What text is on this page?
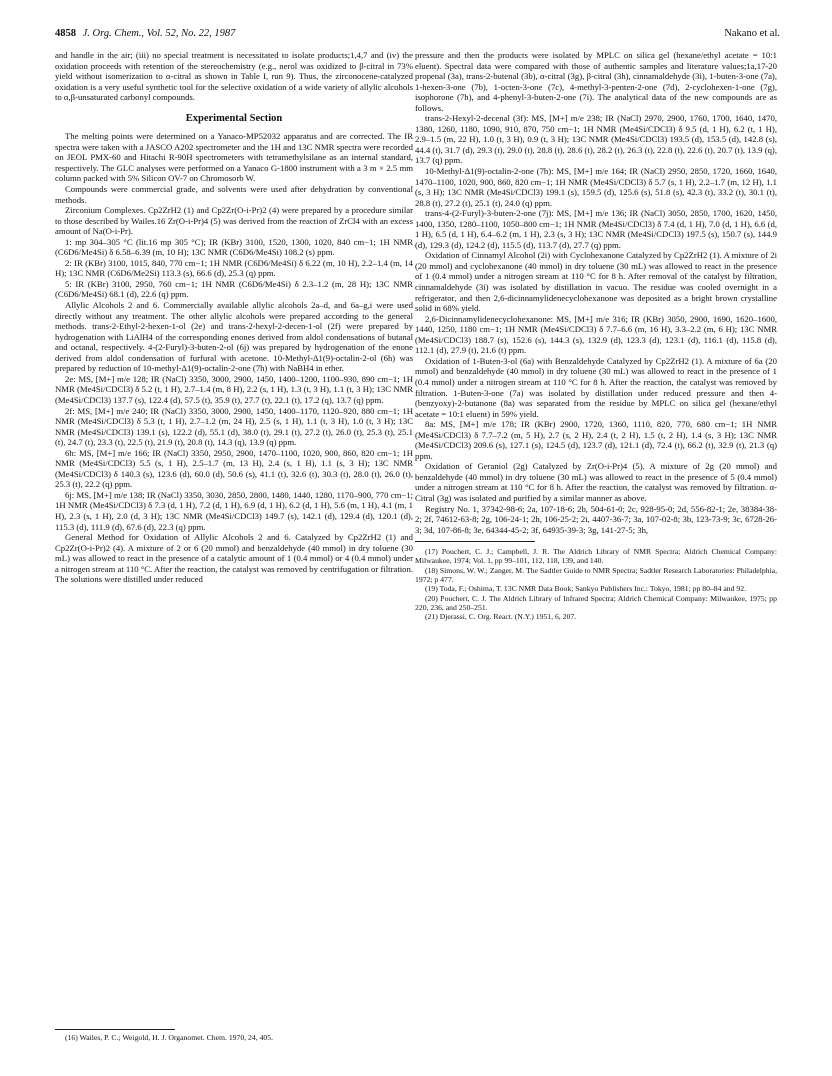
4858 J. Org. Chem., Vol. 52, No. 22, 1987	Nakano et al.

and handle in the air; (iii) no special treatment is necessitated to isolate products;1,4,7 and (iv) the oxidation proceeds with retention of the stereochemistry (e.g., nerol was oxidized to β-citral in 73% yield without isomerization to α-citral as shown in Table I, run 9). Thus, the zirconocene-catalyzed oxidation is a very useful synthetic tool for the selective oxidation of a wide variety of allylic alcohols to α,β-unsaturated carbonyl compounds.

Experimental Section

The melting points were determined on a Yanaco-MP52032 apparatus and are corrected. The IR spectra were taken with a JASCO A202 spectrometer and the 1H and 13C NMR spectra were recorded on JEOL PMX-60 and Hitachi R-90H spectrometers with tetramethylsilane as an internal standard, respectively. The GLC analyses were performed on a Yanaco G-1800 instrument with a 3 m × 2.5 mm column packed with 5% Silicon OV-7 on Chromosorb W.

Compounds were commercial grade, and solvents were used after dehydration by conventional methods.

Zirconium Complexes. Cp2ZrH2 (1) and Cp2Zr(O-i-Pr)2 (4) were prepared by a procedure similar to those described by Wailes.16 Zr(O-i-Pr)4 (5) was derived from the reaction of ZrCl4 with an excess amount of Na(O-i-Pr).

1: mp 304–305 °C (lit.16 mp 305 °C); IR (KBr) 3100, 1520, 1300, 1020, 840 cm−1; 1H NMR (C6D6/Me4Si) δ 6.58–6.39 (m, 10 H); 13C NMR (C6D6/Me4Si) 108.2 (s) ppm.

2: IR (KBr) 3100, 1015, 840, 770 cm−1; 1H NMR (C6D6/Me4Si) δ 6.22 (m, 10 H), 2.2–1.4 (m, 14 H); 13C NMR (C6D6/Me2Si) 113.3 (s), 66.6 (d), 25.3 (q) ppm.

5: IR (KBr) 3100, 2950, 760 cm−1; 1H NMR (C6D6/Me4Si) δ 2.3–1.2 (m, 28 H); 13C NMR (C6D6/Me4Si) 68.1 (d), 22.6 (q) ppm.

Allylic Alcohols 2 and 6. Commercially available allylic alcohols 2a–d, and 6a–g,i were used directly without any treatment. The other allylic alcohols were prepared according to the general methods. trans-2-Ethyl-2-hexen-1-ol (2e) and trans-2-hexyl-2-decen-1-ol (2f) were prepared by hydrogenation with LiAlH4 of the corresponding enones derived from aldol condensations of butanal and octanal, respectively. 4-(2-Furyl)-3-buten-2-ol (6j) was prepared by hydrogenation of the enone derived from aldol condensation of furfural with acetone. 10-Methyl-Δ1(9)-octalin-2-ol (6h) was prepared by reduction of 10-methyl-Δ1(9)-octalin-2-one (7h) with NaBH4 in ether.

2e: MS, [M+] m/e 128; IR (NaCl) 3350, 3000, 2900, 1450, 1400–1200, 1100–930, 890 cm−1; 1H NMR (Me4Si/CDCl3) δ 5.2 (t, 1 H), 2.7–1.4 (m, 8 H), 2.2 (s, 1 H), 1.3 (t, 3 H), 1.1 (t, 3 H); 13C NMR (Me4Si/CDCl3) 137.7 (s), 122.4 (d), 57.5 (t), 35.9 (t), 27.7 (t), 22.1 (t), 17.2 (q), 13.7 (q) ppm.

2f: MS, [M+] m/e 240; IR (NaCl) 3350, 3000, 2900, 1450, 1400–1170, 1120–920, 880 cm−1; 1H NMR (Me4Si/CDCl3) δ 5.3 (t, 1 H), 2.7–1.2 (m, 24 H), 2.5 (s, 1 H), 1.1 (t, 3 H), 1.0 (t, 3 H); 13C NMR (Me4Si/CDCl3) 139.1 (s), 122.2 (d), 55.1 (d), 38.0 (t), 29.1 (t), 27.2 (t), 26.0 (t), 25.3 (t), 25.1 (t), 24.7 (t), 23.3 (t), 22.5 (t), 21.9 (t), 20.8 (t), 14.3 (q), 13.9 (q) ppm.

6h: MS, [M+] m/e 166; IR (NaCl) 3350, 2950, 2900, 1470–1100, 1020, 900, 860, 820 cm−1; 1H NMR (Me4Si/CDCl3) 5.5 (s, 1 H), 2.5–1.7 (m, 13 H), 2.4 (s, 1 H), 1.1 (s, 3 H); 13C NMR (Me4Si/CDCl3) δ 140.3 (s), 123.6 (d), 60.0 (d), 50.6 (s), 41.1 (t), 32.6 (t), 30.3 (t), 28.0 (t), 26.0 (t), 25.3 (t), 22.2 (q) ppm.

6j: MS, [M+] m/e 138; IR (NaCl) 3350, 3030, 2850, 2800, 1480, 1440, 1280, 1170–900, 770 cm−1; 1H NMR (Me4Si/CDCl3) δ 7.3 (d, 1 H), 7.2 (d, 1 H), 6.9 (d, 1 H), 6.2 (d, 1 H), 5.6 (m, 1 H), 4.1 (m, 1 H), 2.3 (s, 1 H), 2.0 (d, 3 H); 13C NMR (Me4Si/CDCl3) 149.7 (s), 142.1 (d), 129.4 (d), 120.1 (d), 115.3 (d), 111.9 (d), 67.6 (d), 22.3 (q) ppm.

General Method for Oxidation of Allylic Alcohols 2 and 6. Catalyzed by Cp2ZrH2 (1) and Cp2Zr(O-i-Pr)2 (4). A mixture of 2 or 6 (20 mmol) and benzaldehyde (40 mmol) in dry toluene (30 mL) was allowed to react in the presence of a catalytic amount of 1 (0.4 mmol) or 4 (0.4 mmol) under a nitrogen stream at 110 °C. After the reaction, the catalyst was removed by centrifugation or filtration. The solutions were distilled under reduced

(16) Wailes, P. C.; Weigold, H. J. Organomet. Chem. 1970, 24, 405.

pressure and then the products were isolated by MPLC on silica gel (hexane/ethyl acetate = 10:1 eluent). Spectral data were compared with those of authentic samples and literature values;1a,17-20 propenal (3a), trans-2-butenal (3b), α-citral (3g), β-citral (3h), cinnamaldehyde (3i), 1-buten-3-one (7a), 1-hexen-3-one (7b), 1-octen-3-one (7c), 4-methyl-3-penten-2-one (7d), 2-cyclohexen-1-one (7g), isophorone (7h), and 4-phenyl-3-buten-2-one (7i). The analytical data of the new compounds are as follows.

trans-2-Hexyl-2-decenal (3f): MS, [M+] m/e 238; IR (NaCl) 2970, 2900, 1760, 1700, 1640, 1470, 1380, 1260, 1180, 1090, 910, 870, 750 cm−1; 1H NMR (Me4Si/CDCl3) δ 9.5 (d, 1 H), 6.2 (t, 1 H), 2.9–1.5 (m, 22 H), 1.0 (t, 3 H), 0.9 (t, 3 H); 13C NMR (Me4Si/CDCl3) 193.5 (d), 153.5 (d), 142.8 (s), 44.4 (t), 31.7 (d), 29.3 (t), 29.0 (t), 28.8 (t), 28.6 (t), 28.2 (t), 26.3 (t), 22.8 (t), 22.6 (t), 20.7 (t), 13.9 (q), 13.7 (q) ppm.

10-Methyl-Δ1(9)-octalin-2-one (7h): MS, [M+] m/e 164; IR (NaCl) 2950, 2850, 1720, 1660, 1640, 1470–1100, 1020, 900, 860, 820 cm−1; 1H NMR (Me4Si/CDCl3) δ 5.7 (s, 1 H), 2.2–1.7 (m, 12 H), 1.1 (s, 3 H); 13C NMR (Me4Si/CDCl3) 199.1 (s), 159.5 (d), 125.6 (s), 51.8 (s), 42.3 (t), 33.2 (t), 30.1 (t), 28.8 (t), 27.2 (t), 25.1 (t), 24.0 (q) ppm.

trans-4-(2-Furyl)-3-buten-2-one (7j): MS, [M+] m/e 136; IR (NaCl) 3050, 2850, 1700, 1620, 1450, 1400, 1350, 1280–1100, 1050–800 cm−1; 1H NMR (Me4Si/CDCl3) δ 7.4 (d, 1 H), 7.0 (d, 1 H), 6.6 (d, 1 H), 6.5 (d, 1 H), 6.4–6.2 (m, 1 H), 2.3 (s, 3 H); 13C NMR (Me4Si/CDCl3) 197.5 (s), 150.7 (s), 144.9 (d), 129.3 (d), 124.2 (d), 115.5 (d), 113.7 (d), 27.7 (q) ppm.

Oxidation of Cinnamyl Alcohol (2i) with Cyclohexanone Catalyzed by Cp2ZrH2 (1). A mixture of 2i (20 mmol) and cyclohexanone (40 mmol) in dry toluene (30 mL) was allowed to react in the presence of 1 (0.4 mmol) under a nitrogen stream at 110 °C for 8 h. After removal of the catalyst by filtration, cinnamaldehyde (3i) was isolated by distillation in vacuo. The residue was cooled overnight in a refrigerator, and then 2,6-dicinnamylidenecyclohexanone was deposited as a bright brown crystalline solid in 68% yield.

2,6-Dicinnamylidenecyclohexanone: MS, [M+] m/e 316; IR (KBr) 3050, 2900, 1690, 1620–1600, 1440, 1250, 1180 cm−1; 1H NMR (Me4Si/CDCl3) δ 7.7–6.6 (m, 16 H), 3.3–2.2 (m, 6 H); 13C NMR (Me4Si/CDCl3) 188.7 (s), 152.6 (s), 144.3 (s), 132.9 (d), 123.3 (d), 123.1 (d), 116.1 (d), 115.8 (d), 112.1 (d), 27.9 (t), 21.6 (t) ppm.

Oxidation of 1-Buten-3-ol (6a) with Benzaldehyde Catalyzed by Cp2ZrH2 (1). A mixture of 6a (20 mmol) and benzaldehyde (40 mmol) in dry toluene (30 mL) was allowed to react in the presence of 1 (0.4 mmol) under a nitrogen stream at 110 °C for 8 h. After the reaction, the catalyst was removed by filtration. 1-Buten-3-one (7a) was isolated by distillation under reduced pressure and then 4-(benzyoxy)-2-butanone (8a) was separated from the residue by MPLC on silica gel (hexane/ethyl acetate = 10:1 eluent) in 59% yield.

8a: MS, [M+] m/e 178; IR (KBr) 2900, 1720, 1360, 1110, 820, 770, 680 cm−1; 1H NMR (Me4Si/CDCl3) δ 7.7–7.2 (m, 5 H), 2.7 (s, 2 H), 2.4 (t, 2 H), 1.5 (t, 2 H), 1.4 (s, 3 H); 13C NMR (Me4Si/CDCl3) 209.6 (s), 127.1 (s), 124.5 (d), 123.7 (d), 121.1 (d), 72.4 (t), 66.2 (t), 32.9 (t), 21.3 (q) ppm.

Oxidation of Geraniol (2g) Catalyzed by Zr(O-i-Pr)4 (5). A mixture of 2g (20 mmol) and benzaldehyde (40 mmol) in dry toluene (30 mL) was allowed to react in the presence of 5 (0.4 mmol) under a nitrogen stream at 110 °C for 8 h. After the reaction, the catalyst was removed by filtration. α-Citral (3g) was isolated and purified by a similar manner as above.

Registry No. 1, 37342-98-6; 2a, 107-18-6; 2b, 504-61-0; 2c, 928-95-0; 2d, 556-82-1; 2e, 38384-38-2; 2f, 74612-63-8; 2g, 106-24-1; 2h, 106-25-2; 2i, 4407-36-7; 3a, 107-02-8; 3b, 123-73-9; 3c, 6728-26-3; 3d, 107-86-8; 3e, 64344-45-2; 3f, 64935-39-3; 3g, 141-27-5; 3h,

(17) Pouchert, C. J.; Campbell, J. R. The Aldrich Library of NMR Spectra; Aldrich Chemical Company: Milwaukee, 1974; Vol. 1, pp 99–101, 112, 118, 139, and 140.

(18) Simons, W. W.; Zanger, M. The Sadtler Guide to NMR Spectra; Sadtler Research Laboratories: Philadelphia, 1972; p 477.

(19) Toda, F.; Oshima, T. 13C NMR Data Book; Sankyo Publishers Inc.: Tokyo, 1981; pp 80–84 and 92.

(20) Pouchert, C. J. The Aldrich Library of Infrared Spectra; Aldrich Chemical Company: Milwaukee, 1975; pp 220, 236, and 250–251.

(21) Djerassi, C. Org. React. (N.Y.) 1951, 6, 207.
